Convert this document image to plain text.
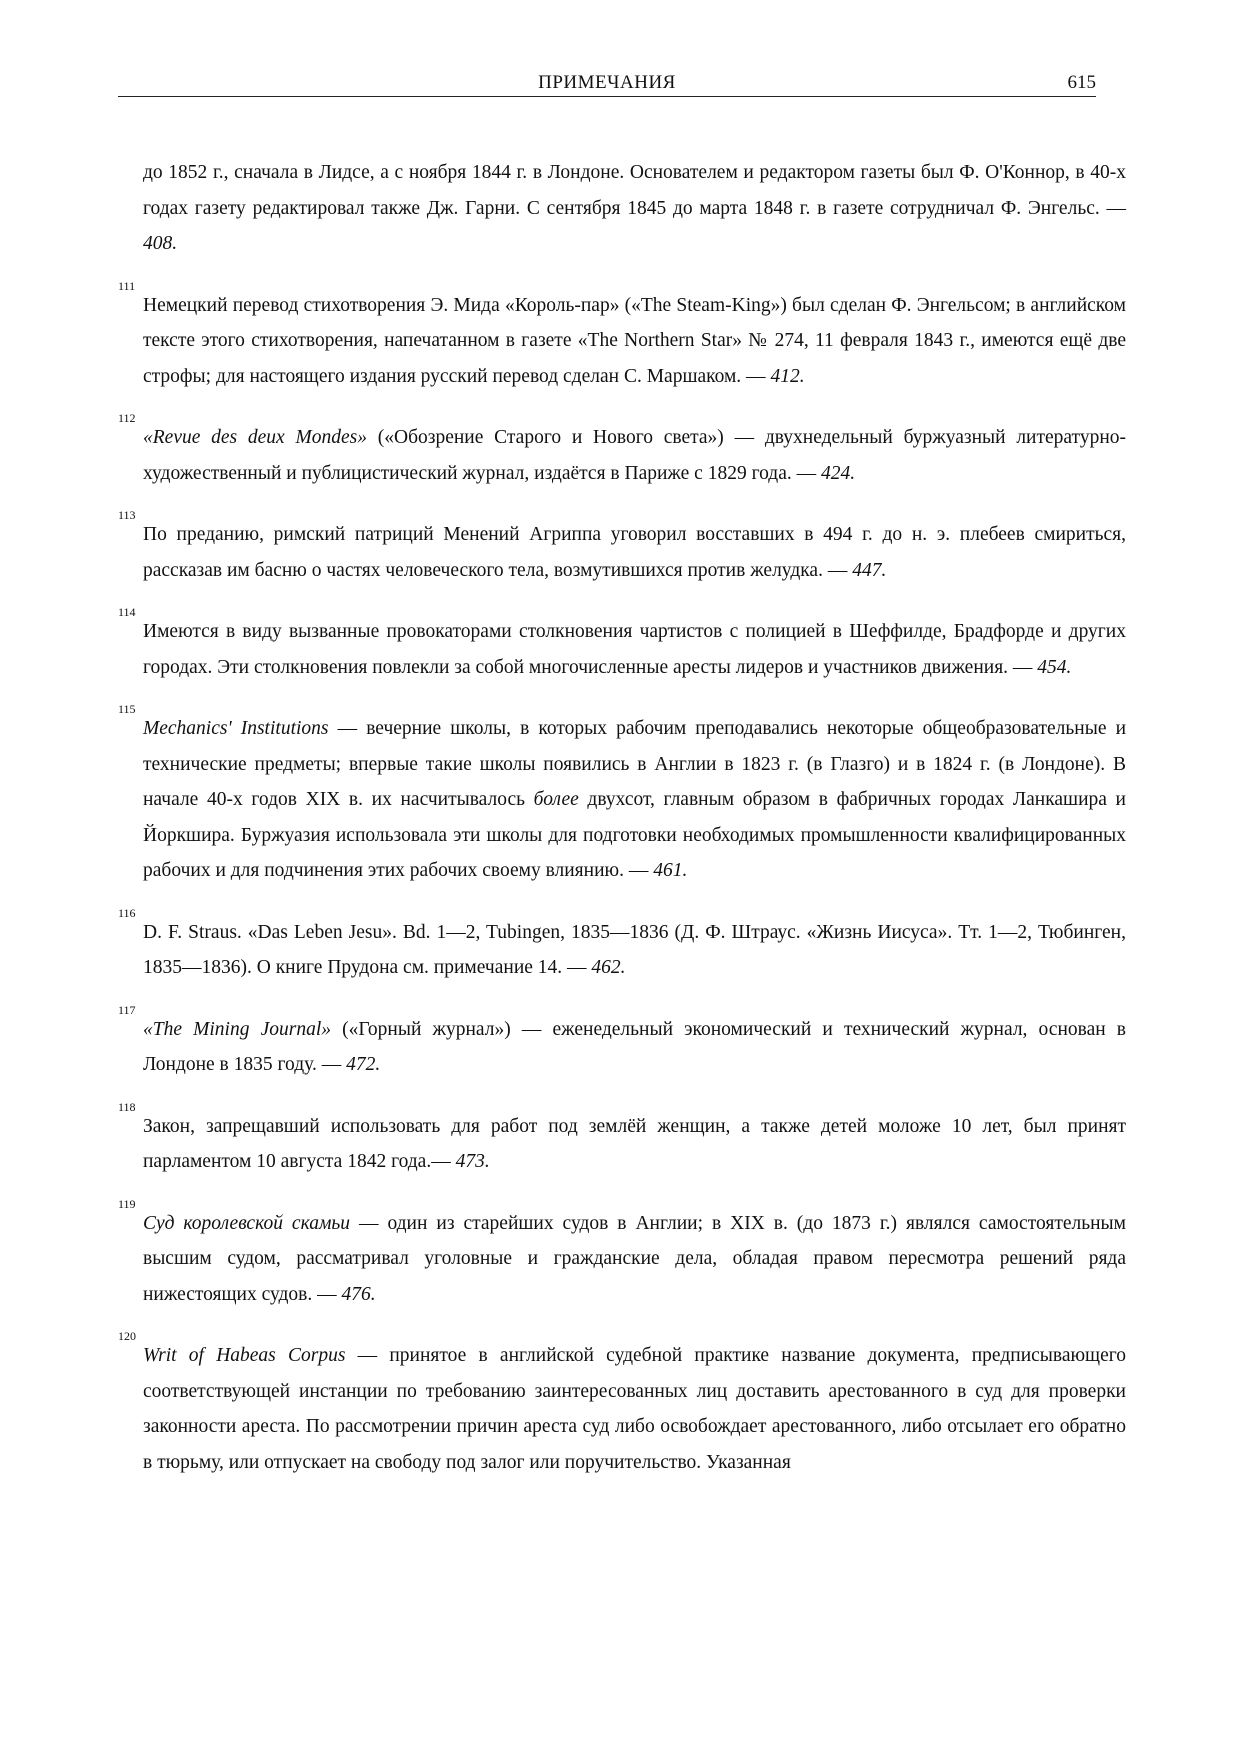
ПРИМЕЧАНИЯ	615
до 1852 г., сначала в Лидсе, а с ноября 1844 г. в Лондоне. Основателем и редактором газеты был Ф. О'Коннор, в 40-х годах газету редактировал также Дж. Гарни. С сентября 1845 до марта 1848 г. в газете сотрудничал Ф. Энгельс. — 408.
111
Немецкий перевод стихотворения Э. Мида «Король-пар» («The Steam-King») был сделан Ф. Энгельсом; в английском тексте этого стихотворения, напечатанном в газете «The Northern Star» № 274, 11 февраля 1843 г., имеются ещё две строфы; для настоящего издания русский перевод сделан С. Маршаком. — 412.
112
«Revue des deux Mondes» («Обозрение Старого и Нового света») — двухнедельный буржуазный литературно-художественный и публицистический журнал, издаётся в Париже с 1829 года. — 424.
113
По преданию, римский патриций Менений Агриппа уговорил восставших в 494 г. до н. э. плебеев смириться, рассказав им басню о частях человеческого тела, возмутившихся против желудка. — 447.
114
Имеются в виду вызванные провокаторами столкновения чартистов с полицией в Шеффилде, Брадфорде и других городах. Эти столкновения повлекли за собой многочисленные аресты лидеров и участников движения. — 454.
115
Mechanics' Institutions — вечерние школы, в которых рабочим преподавались некоторые общеобразовательные и технические предметы; впервые такие школы появились в Англии в 1823 г. (в Глазго) и в 1824 г. (в Лондоне). В начале 40-х годов XIX в. их насчитывалось более двухсот, главным образом в фабричных городах Ланкашира и Йоркшира. Буржуазия использовала эти школы для подготовки необходимых промышленности квалифицированных рабочих и для подчинения этих рабочих своему влиянию. — 461.
116
D. F. Straus. «Das Leben Jesu». Bd. 1—2, Tubingen, 1835—1836 (Д. Ф. Штраус. «Жизнь Иисуса». Тт. 1—2, Тюбинген, 1835—1836). О книге Прудона см. примечание 14. — 462.
117
«The Mining Journal» («Горный журнал») — еженедельный экономический и технический журнал, основан в Лондоне в 1835 году. — 472.
118
Закон, запрещавший использовать для работ под землёй женщин, а также детей моложе 10 лет, был принят парламентом 10 августа 1842 года.— 473.
119
Суд королевской скамьи — один из старейших судов в Англии; в XIX в. (до 1873 г.) являлся самостоятельным высшим судом, рассматривал уголовные и гражданские дела, обладая правом пересмотра решений ряда нижестоящих судов. — 476.
120
Writ of Habeas Corpus — принятое в английской судебной практике название документа, предписывающего соответствующей инстанции по требованию заинтересованных лиц доставить арестованного в суд для проверки законности ареста. По рассмотрении причин ареста суд либо освобождает арестованного, либо отсылает его обратно в тюрьму, или отпускает на свободу под залог или поручительство. Указанная
